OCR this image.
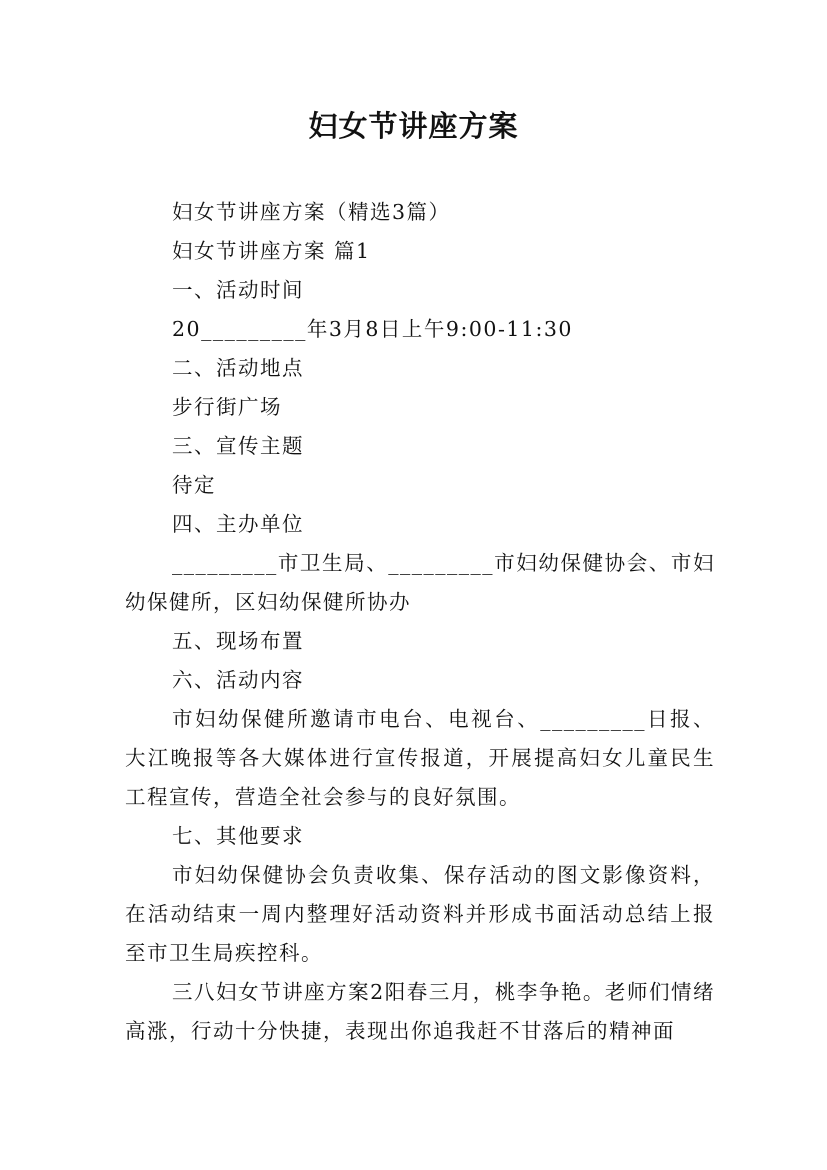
妇女节讲座方案

妇女节讲座方案（精选3篇）

妇女节讲座方案 篇1

一、活动时间

20_________年3月8日上午9:00-11:30

二、活动地点

步行街广场

三、宣传主题

待定

四、主办单位

_________市卫生局、_________市妇幼保健协会、市妇幼保健所，区妇幼保健所协办

五、现场布置

六、活动内容

市妇幼保健所邀请市电台、电视台、_________日报、大江晚报等各大媒体进行宣传报道，开展提高妇女儿童民生工程宣传，营造全社会参与的良好氛围。

七、其他要求

市妇幼保健协会负责收集、保存活动的图文影像资料，在活动结束一周内整理好活动资料并形成书面活动总结上报至市卫生局疾控科。

三八妇女节讲座方案2阳春三月，桃李争艳。老师们情绪高涨，行动十分快捷，表现出你追我赶不甘落后的精神面
